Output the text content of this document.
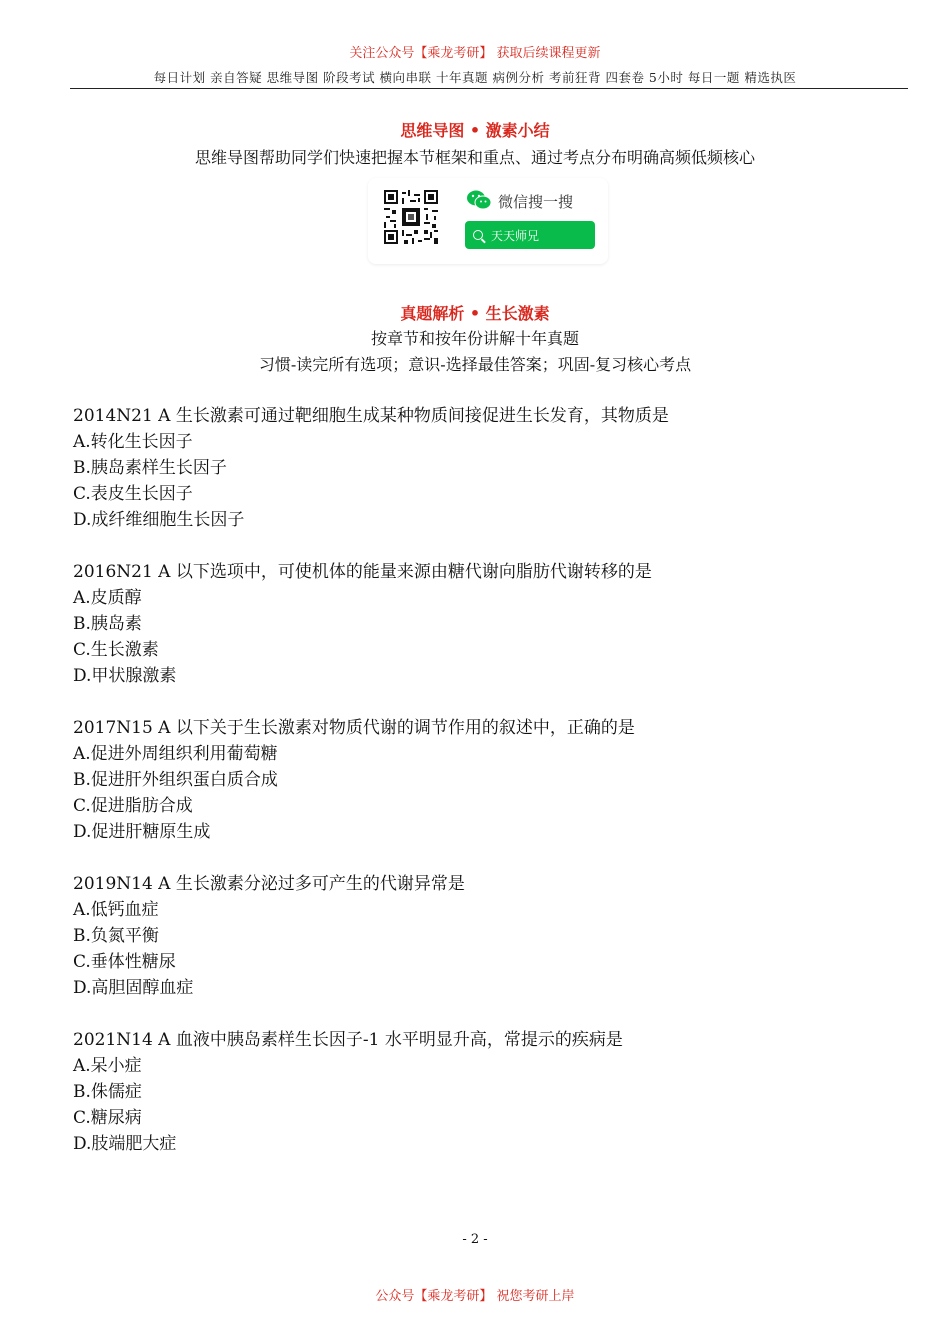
关注公众号【乘龙考研】 获取后续课程更新
每日计划 亲自答疑 思维导图 阶段考试 横向串联 十年真题 病例分析 考前狂背 四套卷 5小时 每日一题 精选执医
思维导图 • 激素小结
思维导图帮助同学们快速把握本节框架和重点、通过考点分布明确高频低频核心
微信搜一搜
天天师兄
真题解析 • 生长激素
按章节和按年份讲解十年真题
习惯-读完所有选项；意识-选择最佳答案；巩固-复习核心考点
2014N21 A 生长激素可通过靶细胞生成某种物质间接促进生长发育，其物质是
A.转化生长因子
B.胰岛素样生长因子
C.表皮生长因子
D.成纤维细胞生长因子
2016N21 A 以下选项中，可使机体的能量来源由糖代谢向脂肪代谢转移的是
A.皮质醇
B.胰岛素
C.生长激素
D.甲状腺激素
2017N15 A 以下关于生长激素对物质代谢的调节作用的叙述中，正确的是
A.促进外周组织利用葡萄糖
B.促进肝外组织蛋白质合成
C.促进脂肪合成
D.促进肝糖原生成
2019N14 A 生长激素分泌过多可产生的代谢异常是
A.低钙血症
B.负氮平衡
C.垂体性糖尿
D.高胆固醇血症
2021N14 A 血液中胰岛素样生长因子-1 水平明显升高，常提示的疾病是
A.呆小症
B.侏儒症
C.糖尿病
D.肢端肥大症
- 2 -
公众号【乘龙考研】 祝您考研上岸
